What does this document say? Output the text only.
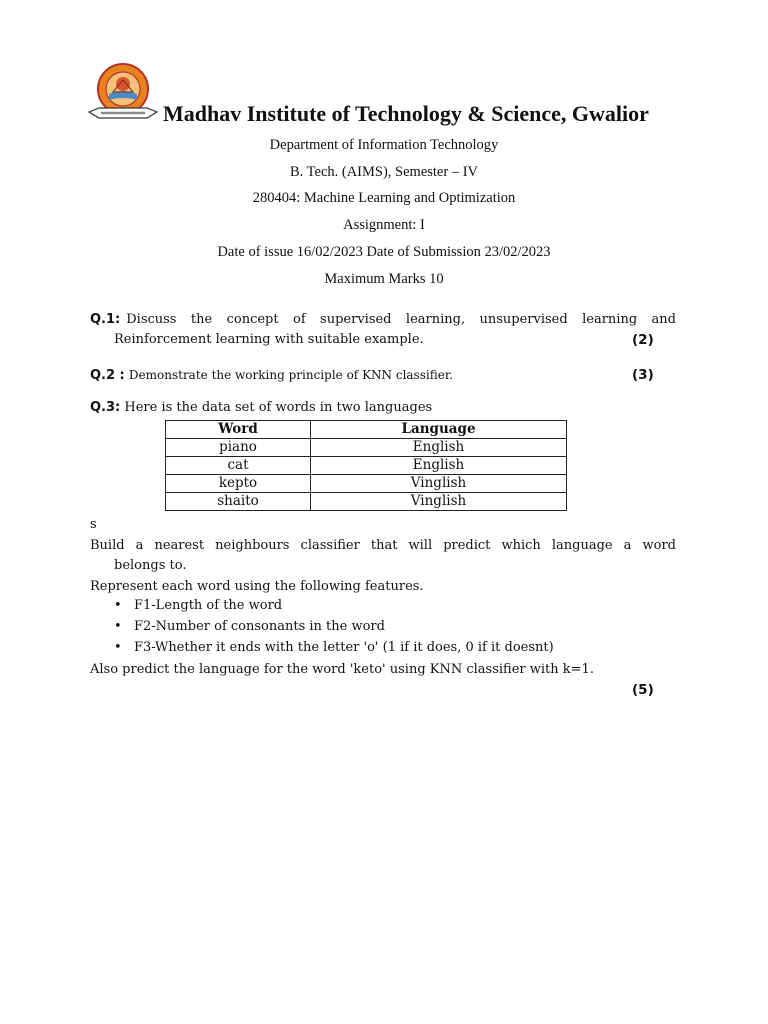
Madhav Institute of Technology & Science, Gwalior
Department of Information Technology
B. Tech. (AIMS), Semester – IV
280404: Machine Learning and Optimization
Assignment: I
Date of issue 16/02/2023 Date of Submission 23/02/2023
Maximum Marks 10
Q.1: Discuss the concept of supervised learning, unsupervised learning and
Reinforcement learning with suitable example.	(2)
Q.2 : Demonstrate the working principle of KNN classifier.	(3)
Q.3: Here is the data set of words in two languages
Word	Language
piano	English
cat	English
kepto	Vinglish
shaito	Vinglish
s
Build a nearest neighbours classifier that will predict which language a word
belongs to.
Represent each word using the following features.
• F1-Length of the word
• F2-Number of consonants in the word
• F3-Whether it ends with the letter 'o' (1 if it does, 0 if it doesnt)
Also predict the language for the word 'keto' using KNN classifier with k=1.
(5)
